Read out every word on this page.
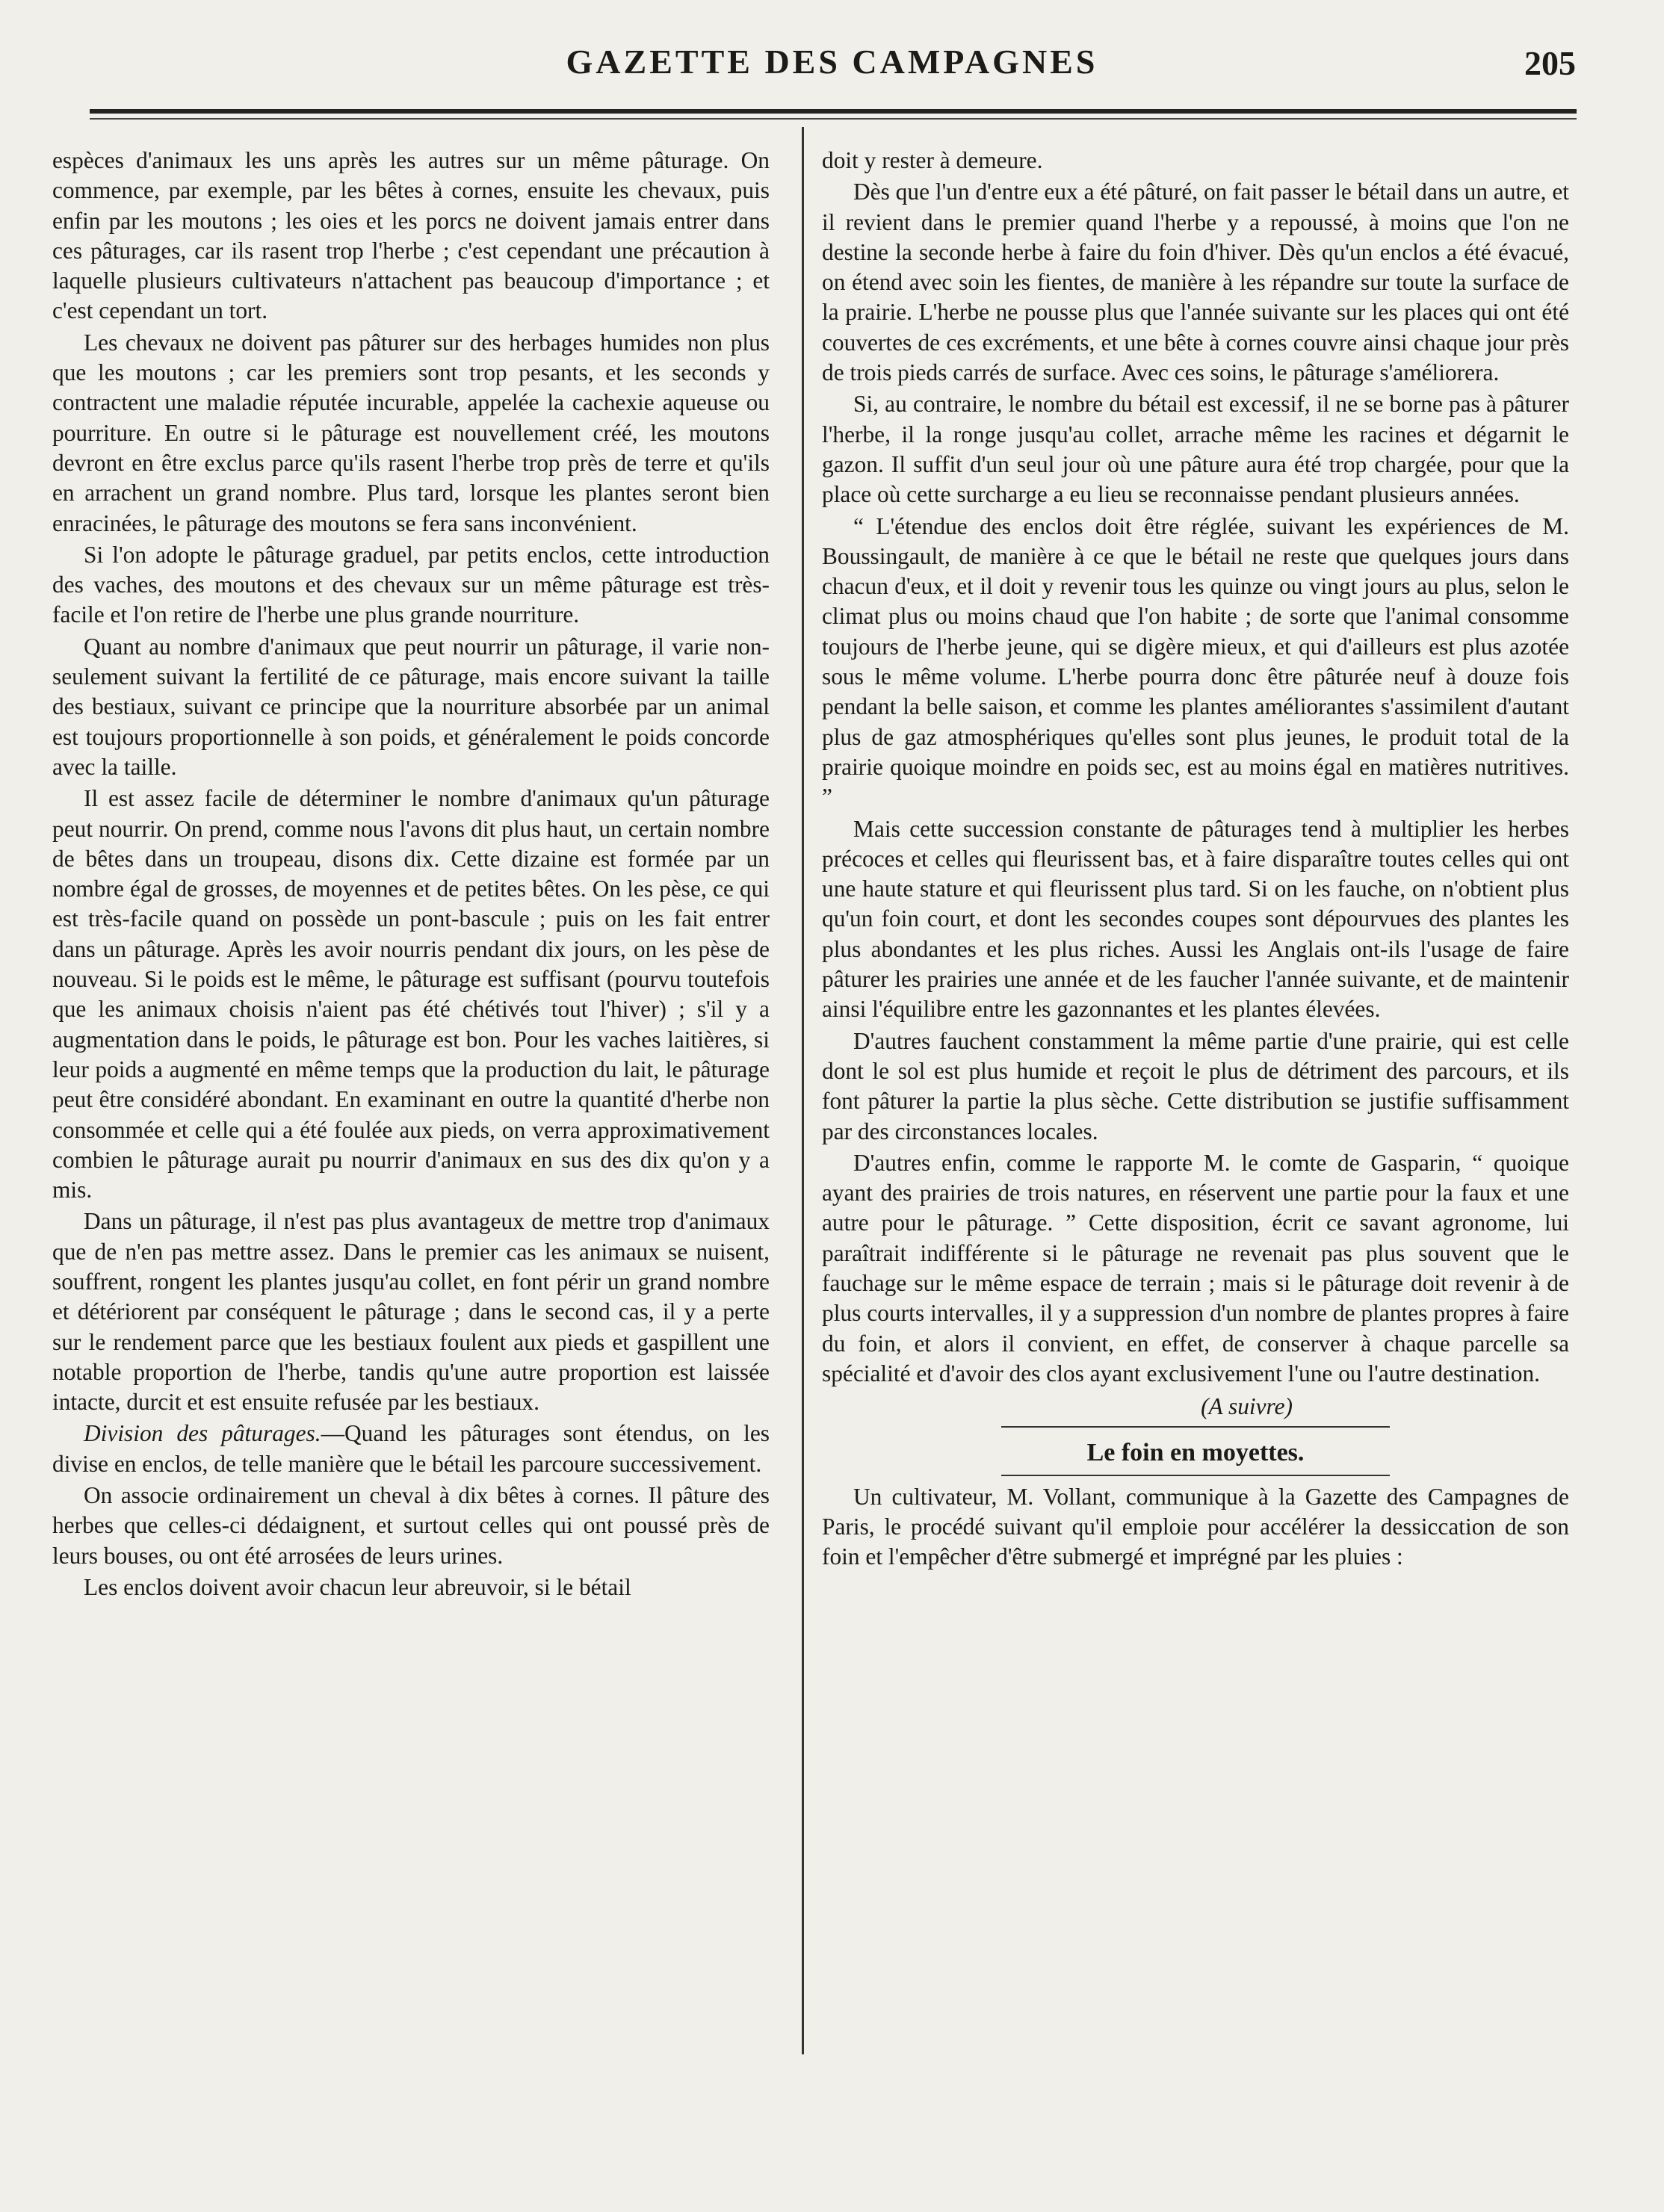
GAZETTE DES CAMPAGNES	205

espèces d'animaux les uns après les autres sur un même pâturage. On commence, par exemple, par les bêtes à cornes, ensuite les chevaux, puis enfin par les moutons ; les oies et les porcs ne doivent jamais entrer dans ces pâturages, car ils rasent trop l'herbe ; c'est cependant une précaution à laquelle plusieurs cultivateurs n'attachent pas beaucoup d'importance ; et c'est cependant un tort.

Les chevaux ne doivent pas pâturer sur des herbages humides non plus que les moutons ; car les premiers sont trop pesants, et les seconds y contractent une maladie réputée incurable, appelée la cachexie aqueuse ou pourriture. En outre si le pâturage est nouvellement créé, les moutons devront en être exclus parce qu'ils rasent l'herbe trop près de terre et qu'ils en arrachent un grand nombre. Plus tard, lorsque les plantes seront bien enracinées, le pâturage des moutons se fera sans inconvénient.

Si l'on adopte le pâturage graduel, par petits enclos, cette introduction des vaches, des moutons et des chevaux sur un même pâturage est très-facile et l'on retire de l'herbe une plus grande nourriture.

Quant au nombre d'animaux que peut nourrir un pâturage, il varie non-seulement suivant la fertilité de ce pâturage, mais encore suivant la taille des bestiaux, suivant ce principe que la nourriture absorbée par un animal est toujours proportionnelle à son poids, et généralement le poids concorde avec la taille.

Il est assez facile de déterminer le nombre d'animaux qu'un pâturage peut nourrir. On prend, comme nous l'avons dit plus haut, un certain nombre de bêtes dans un troupeau, disons dix. Cette dizaine est formée par un nombre égal de grosses, de moyennes et de petites bêtes. On les pèse, ce qui est très-facile quand on possède un pont-bascule ; puis on les fait entrer dans un pâturage. Après les avoir nourris pendant dix jours, on les pèse de nouveau. Si le poids est le même, le pâturage est suffisant (pourvu toutefois que les animaux choisis n'aient pas été chétivés tout l'hiver) ; s'il y a augmentation dans le poids, le pâturage est bon. Pour les vaches laitières, si leur poids a augmenté en même temps que la production du lait, le pâturage peut être considéré abondant. En examinant en outre la quantité d'herbe non consommée et celle qui a été foulée aux pieds, on verra approximativement combien le pâturage aurait pu nourrir d'animaux en sus des dix qu'on y a mis.

Dans un pâturage, il n'est pas plus avantageux de mettre trop d'animaux que de n'en pas mettre assez. Dans le premier cas les animaux se nuisent, souffrent, rongent les plantes jusqu'au collet, en font périr un grand nombre et détériorent par conséquent le pâturage ; dans le second cas, il y a perte sur le rendement parce que les bestiaux foulent aux pieds et gaspillent une notable proportion de l'herbe, tandis qu'une autre proportion est laissée intacte, durcit et est ensuite refusée par les bestiaux.

Division des pâturages.—Quand les pâturages sont étendus, on les divise en enclos, de telle manière que le bétail les parcoure successivement.

On associe ordinairement un cheval à dix bêtes à cornes. Il pâture des herbes que celles-ci dédaignent, et surtout celles qui ont poussé près de leurs bouses, ou ont été arrosées de leurs urines.

Les enclos doivent avoir chacun leur abreuvoir, si le bétail

doit y rester à demeure.

Dès que l'un d'entre eux a été pâturé, on fait passer le bétail dans un autre, et il revient dans le premier quand l'herbe y a repoussé, à moins que l'on ne destine la seconde herbe à faire du foin d'hiver. Dès qu'un enclos a été évacué, on étend avec soin les fientes, de manière à les répandre sur toute la surface de la prairie. L'herbe ne pousse plus que l'année suivante sur les places qui ont été couvertes de ces excréments, et une bête à cornes couvre ainsi chaque jour près de trois pieds carrés de surface. Avec ces soins, le pâturage s'améliorera.

Si, au contraire, le nombre du bétail est excessif, il ne se borne pas à pâturer l'herbe, il la ronge jusqu'au collet, arrache même les racines et dégarnit le gazon. Il suffit d'un seul jour où une pâture aura été trop chargée, pour que la place où cette surcharge a eu lieu se reconnaisse pendant plusieurs années.

“ L'étendue des enclos doit être réglée, suivant les expériences de M. Boussingault, de manière à ce que le bétail ne reste que quelques jours dans chacun d'eux, et il doit y revenir tous les quinze ou vingt jours au plus, selon le climat plus ou moins chaud que l'on habite ; de sorte que l'animal consomme toujours de l'herbe jeune, qui se digère mieux, et qui d'ailleurs est plus azotée sous le même volume. L'herbe pourra donc être pâturée neuf à douze fois pendant la belle saison, et comme les plantes améliorantes s'assimilent d'autant plus de gaz atmosphériques qu'elles sont plus jeunes, le produit total de la prairie quoique moindre en poids sec, est au moins égal en matières nutritives. ”

Mais cette succession constante de pâturages tend à multiplier les herbes précoces et celles qui fleurissent bas, et à faire disparaître toutes celles qui ont une haute stature et qui fleurissent plus tard. Si on les fauche, on n'obtient plus qu'un foin court, et dont les secondes coupes sont dépourvues des plantes les plus abondantes et les plus riches. Aussi les Anglais ont-ils l'usage de faire pâturer les prairies une année et de les faucher l'année suivante, et de maintenir ainsi l'équilibre entre les gazonnantes et les plantes élevées.

D'autres fauchent constamment la même partie d'une prairie, qui est celle dont le sol est plus humide et reçoit le plus de détriment des parcours, et ils font pâturer la partie la plus sèche. Cette distribution se justifie suffisamment par des circonstances locales.

D'autres enfin, comme le rapporte M. le comte de Gasparin, “ quoique ayant des prairies de trois natures, en réservent une partie pour la faux et une autre pour le pâturage. ” Cette disposition, écrit ce savant agronome, lui paraîtrait indifférente si le pâturage ne revenait pas plus souvent que le fauchage sur le même espace de terrain ; mais si le pâturage doit revenir à de plus courts intervalles, il y a suppression d'un nombre de plantes propres à faire du foin, et alors il convient, en effet, de conserver à chaque parcelle sa spécialité et d'avoir des clos ayant exclusivement l'une ou l'autre destination.

(A suivre)
Le foin en moyettes.

Un cultivateur, M. Vollant, communique à la Gazette des Campagnes de Paris, le procédé suivant qu'il emploie pour accélérer la dessiccation de son foin et l'empêcher d'être submergé et imprégné par les pluies :
